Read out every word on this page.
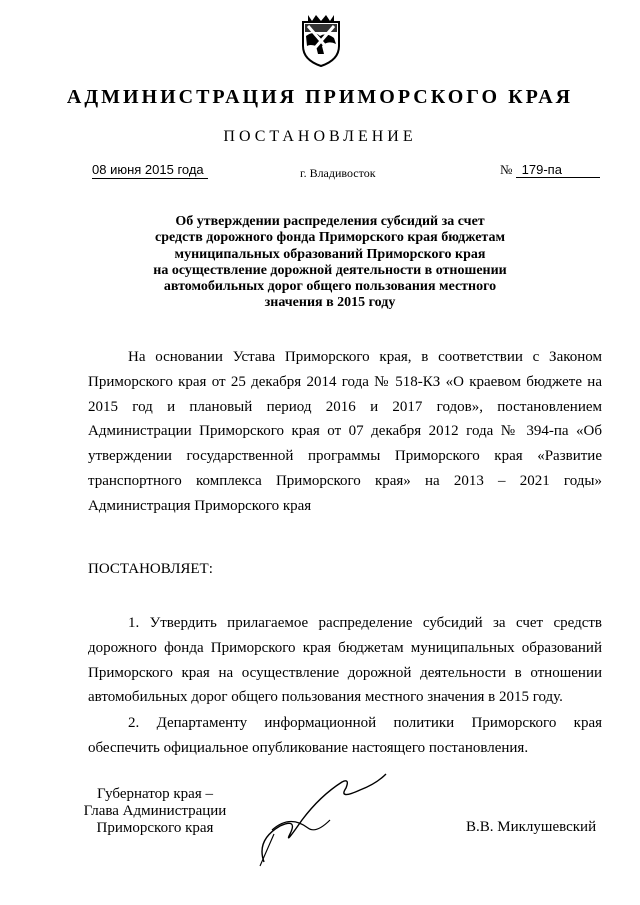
АДМИНИСТРАЦИЯ ПРИМОРСКОГО КРАЯ
ПОСТАНОВЛЕНИЕ
08 июня 2015 года	г. Владивосток	№ 179-па
Об утверждении распределения субсидий за счет
средств дорожного фонда Приморского края бюджетам
муниципальных образований Приморского края
на осуществление дорожной деятельности в отношении
автомобильных дорог общего пользования местного
значения в 2015 году
На основании Устава Приморского края, в соответствии с Законом Приморского края от 25 декабря 2014 года № 518-КЗ «О краевом бюджете на 2015 год и плановый период 2016 и 2017 годов», постановлением Администрации Приморского края от 07 декабря 2012 года № 394-па «Об утверждении государственной программы Приморского края «Развитие транспортного комплекса Приморского края» на 2013 – 2021 годы» Администрация Приморского края
ПОСТАНОВЛЯЕТ:
1. Утвердить прилагаемое распределение субсидий за счет средств дорожного фонда Приморского края бюджетам муниципальных образований Приморского края на осуществление дорожной деятельности в отношении автомобильных дорог общего пользования местного значения в 2015 году.
2. Департаменту информационной политики Приморского края обеспечить официальное опубликование настоящего постановления.
Губернатор края –
Глава Администрации
Приморского края	В.В. Миклушевский
